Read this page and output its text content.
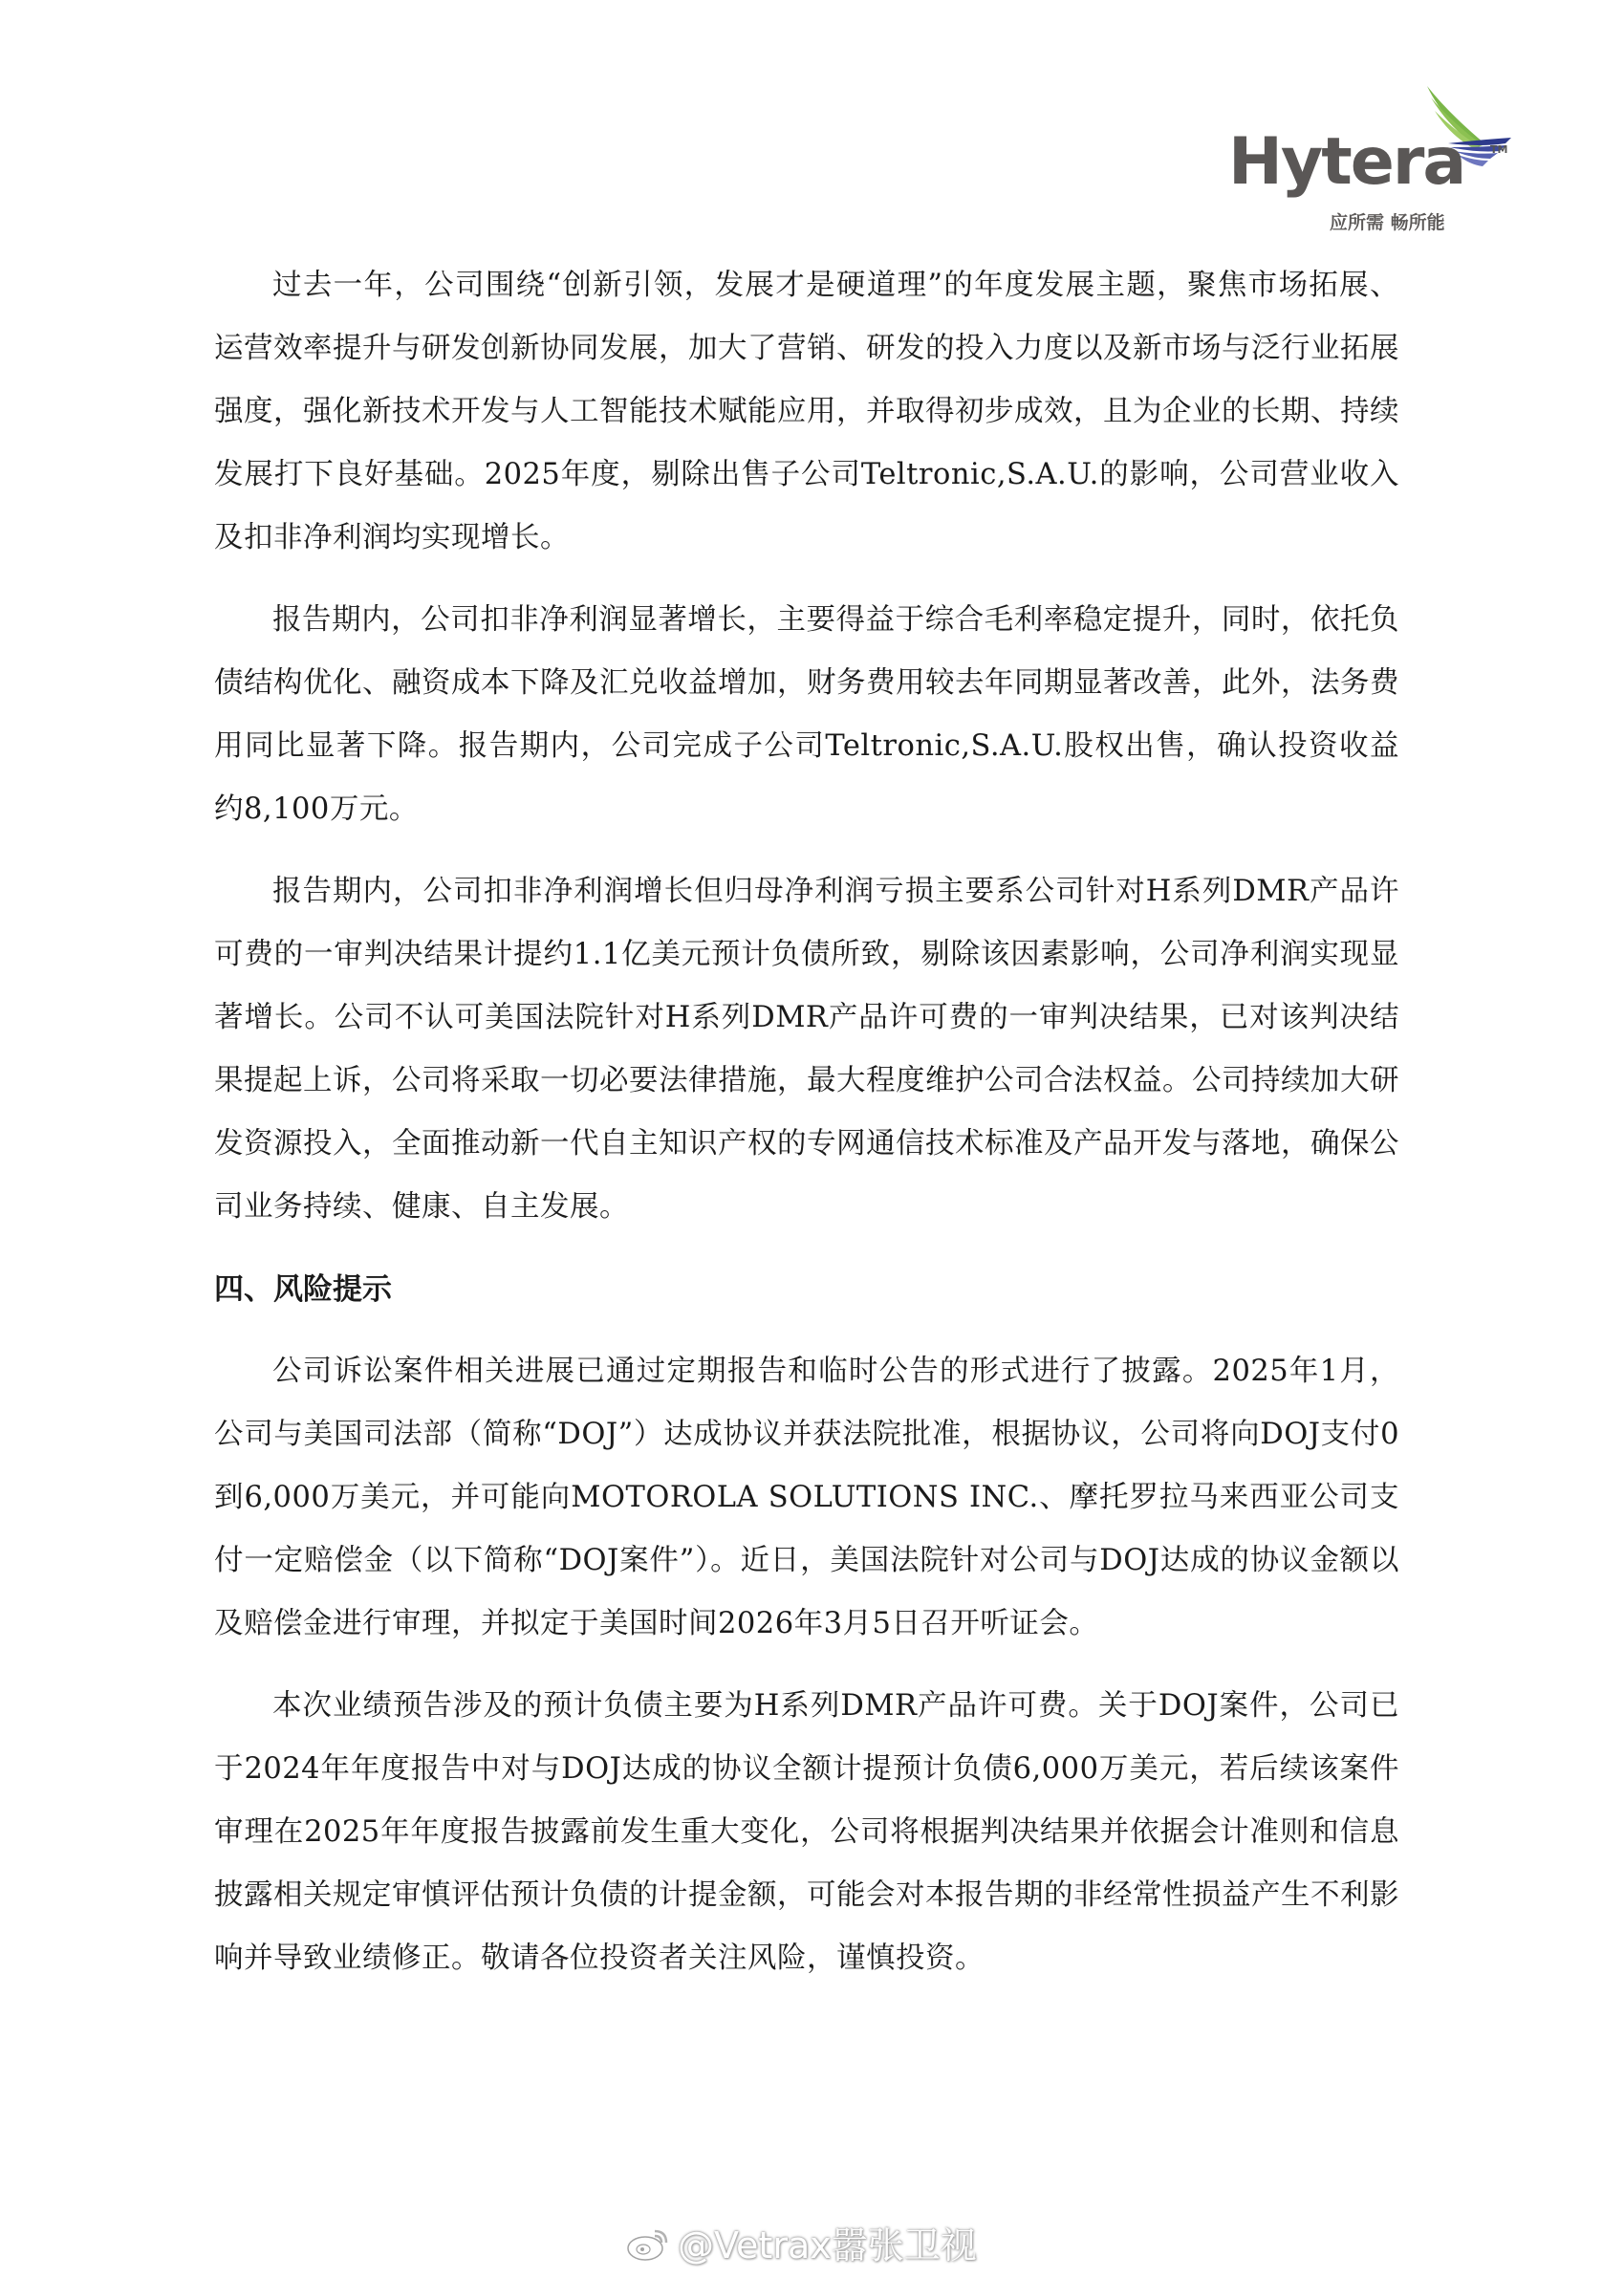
Hytera TM
应所需 畅所能

过去一年，公司围绕“创新引领，发展才是硬道理”的年度发展主题，聚焦市场拓展、运营效率提升与研发创新协同发展，加大了营销、研发的投入力度以及新市场与泛行业拓展强度，强化新技术开发与人工智能技术赋能应用，并取得初步成效，且为企业的长期、持续发展打下良好基础。2025年度，剔除出售子公司Teltronic,S.A.U.的影响，公司营业收入及扣非净利润均实现增长。

报告期内，公司扣非净利润显著增长，主要得益于综合毛利率稳定提升，同时，依托负债结构优化、融资成本下降及汇兑收益增加，财务费用较去年同期显著改善，此外，法务费用同比显著下降。报告期内，公司完成子公司Teltronic,S.A.U.股权出售，确认投资收益约8,100万元。

报告期内，公司扣非净利润增长但归母净利润亏损主要系公司针对H系列DMR产品许可费的一审判决结果计提约1.1亿美元预计负债所致，剔除该因素影响，公司净利润实现显著增长。公司不认可美国法院针对H系列DMR产品许可费的一审判决结果，已对该判决结果提起上诉，公司将采取一切必要法律措施，最大程度维护公司合法权益。公司持续加大研发资源投入，全面推动新一代自主知识产权的专网通信技术标准及产品开发与落地，确保公司业务持续、健康、自主发展。

四、风险提示

公司诉讼案件相关进展已通过定期报告和临时公告的形式进行了披露。2025年1月，公司与美国司法部（简称“DOJ”）达成协议并获法院批准，根据协议，公司将向DOJ支付0到6,000万美元，并可能向MOTOROLA SOLUTIONS INC.、摩托罗拉马来西亚公司支付一定赔偿金（以下简称“DOJ案件”）。近日，美国法院针对公司与DOJ达成的协议金额以及赔偿金进行审理，并拟定于美国时间2026年3月5日召开听证会。

本次业绩预告涉及的预计负债主要为H系列DMR产品许可费。关于DOJ案件，公司已于2024年年度报告中对与DOJ达成的协议全额计提预计负债6,000万美元，若后续该案件审理在2025年年度报告披露前发生重大变化，公司将根据判决结果并依据会计准则和信息披露相关规定审慎评估预计负债的计提金额，可能会对本报告期的非经常性损益产生不利影响并导致业绩修正。敬请各位投资者关注风险，谨慎投资。

@Vetrax嚣张卫视
